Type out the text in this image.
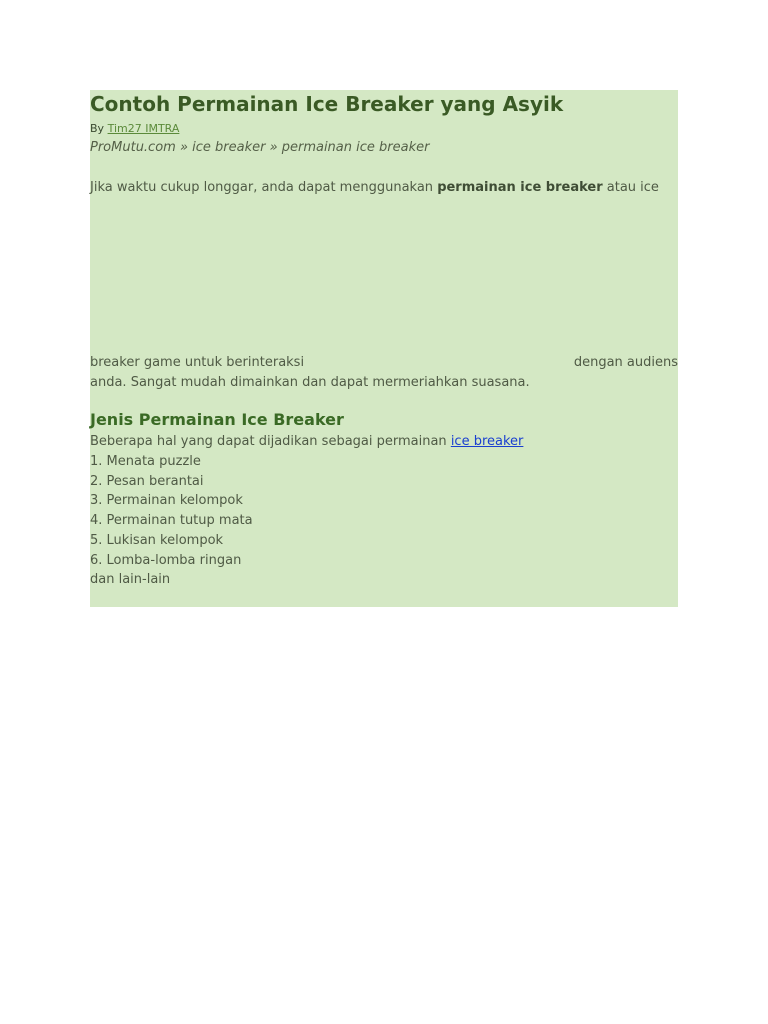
Contoh Permainan Ice Breaker yang Asyik
By Tim27 IMTRA
ProMutu.com » ice breaker » permainan ice breaker
Jika waktu cukup longgar, anda dapat menggunakan permainan ice breaker atau ice
breaker game untuk berinteraksi	dengan audiens
anda. Sangat mudah dimainkan dan dapat mermeriahkan suasana.
Jenis Permainan Ice Breaker
Beberapa hal yang dapat dijadikan sebagai permainan ice breaker
1. Menata puzzle
2. Pesan berantai
3. Permainan kelompok
4. Permainan tutup mata
5. Lukisan kelompok
6. Lomba-lomba ringan
dan lain-lain
